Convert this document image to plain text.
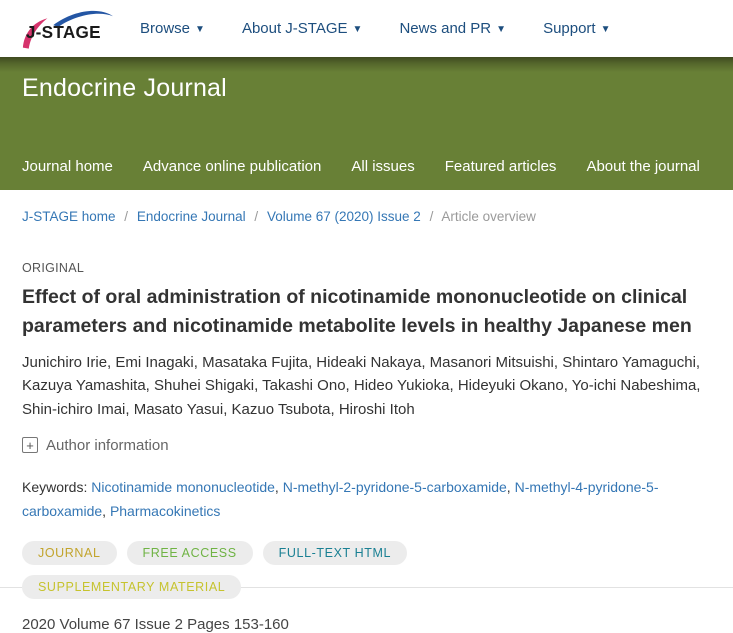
J-STAGE	Browse ▼ About J-STAGE ▼ News and PR ▼ Support ▼
Endocrine Journal
Journal home Advance online publication All issues Featured articles About the journal
J-STAGE home / Endocrine Journal / Volume 67 (2020) Issue 2 / Article overview
ORIGINAL
Effect of oral administration of nicotinamide mononucleotide on clinical parameters and nicotinamide metabolite levels in healthy Japanese men
Junichiro Irie, Emi Inagaki, Masataka Fujita, Hideaki Nakaya, Masanori Mitsuishi, Shintaro Yamaguchi, Kazuya Yamashita, Shuhei Shigaki, Takashi Ono, Hideo Yukioka, Hideyuki Okano, Yo-ichi Nabeshima, Shin-ichiro Imai, Masato Yasui, Kazuo Tsubota, Hiroshi Itoh
+ Author information
Keywords: Nicotinamide mononucleotide , N-methyl-2-pyridone-5-carboxamide , N-methyl-4-pyridone-5-carboxamide , Pharmacokinetics
JOURNAL	FREE ACCESS	FULL-TEXT HTML
SUPPLEMENTARY MATERIAL
2020 Volume 67 Issue 2 Pages 153-160
